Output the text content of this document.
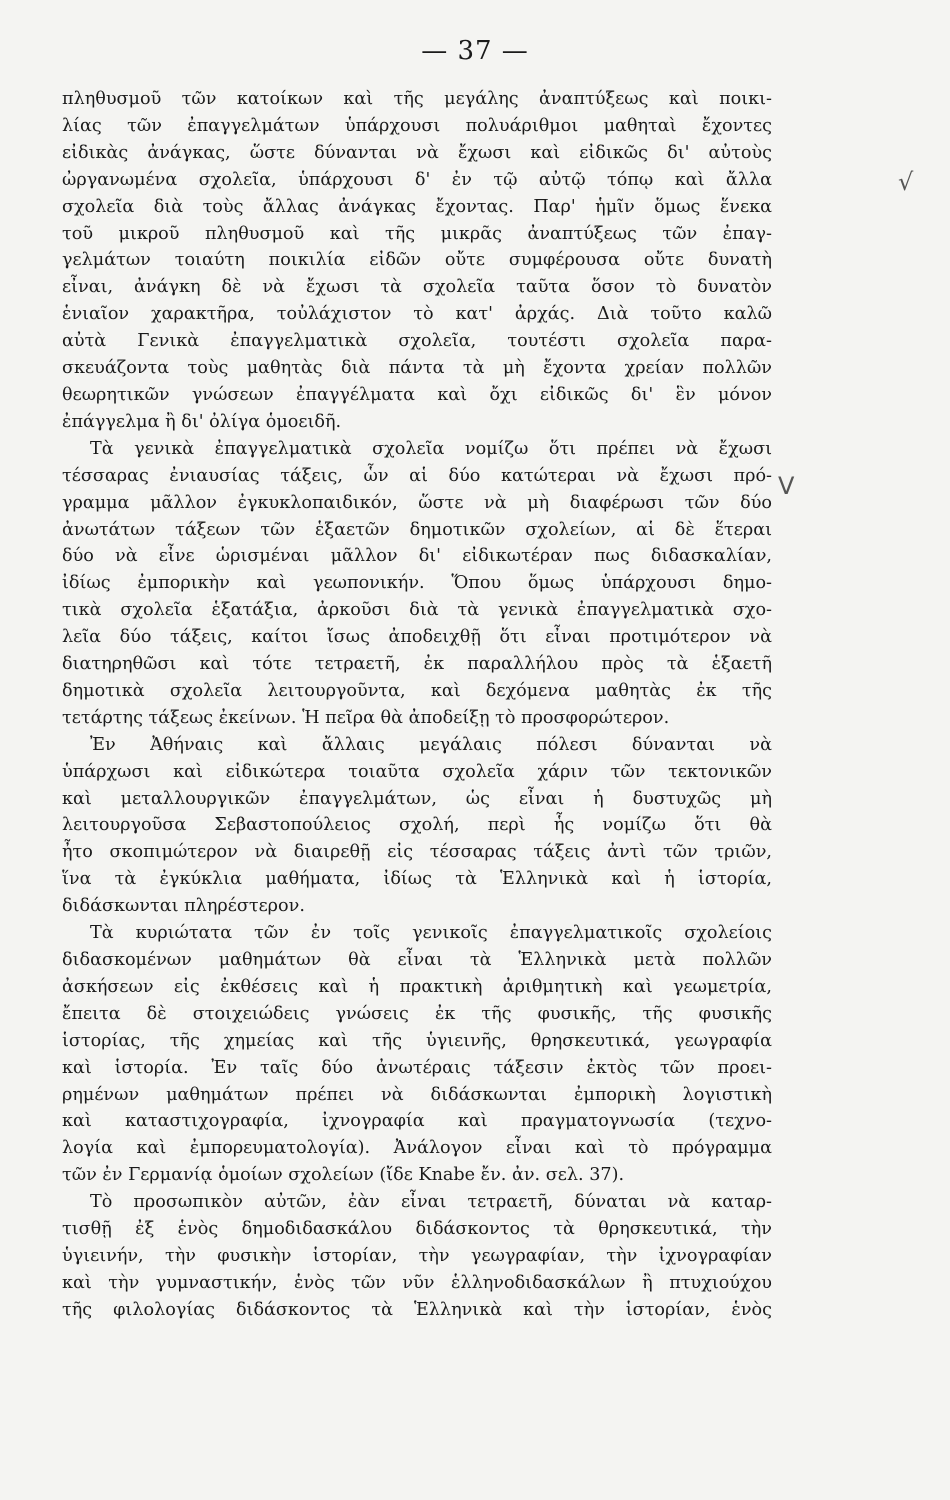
— 37 —

πληθυσμοῦ τῶν κατοίκων καὶ τῆς μεγάλης ἀναπτύξεως καὶ ποικι-
λίας τῶν ἐπαγγελμάτων ὑπάρχουσι πολυάριθμοι μαθηταὶ ἔχοντες
εἰδικὰς ἀνάγκας, ὥστε δύνανται νὰ ἔχωσι καὶ εἰδικῶς δι' αὐτοὺς
ὠργανωμένα σχολεῖα, ὑπάρχουσι δ' ἐν τῷ αὐτῷ τόπῳ καὶ ἄλλα
σχολεῖα διὰ τοὺς ἄλλας ἀνάγκας ἔχοντας. Παρ' ἡμῖν ὅμως ἕνεκα
τοῦ μικροῦ πληθυσμοῦ καὶ τῆς μικρᾶς ἀναπτύξεως τῶν ἐπαγ-
γελμάτων τοιαύτη ποικιλία εἰδῶν οὔτε συμφέρουσα οὔτε δυνατὴ
εἶναι, ἀνάγκη δὲ νὰ ἔχωσι τὰ σχολεῖα ταῦτα ὅσον τὸ δυνατὸν
ἑνιαῖον χαρακτῆρα, τοὐλάχιστον τὸ κατ' ἀρχάς. Διὰ τοῦτο καλῶ
αὐτὰ Γενικὰ ἐπαγγελματικὰ σχολεῖα, τουτέστι σχολεῖα παρα-
σκευάζοντα τοὺς μαθητὰς διὰ πάντα τὰ μὴ ἔχοντα χρείαν πολλῶν
θεωρητικῶν γνώσεων ἐπαγγέλματα καὶ ὄχι εἰδικῶς δι' ἓν μόνον
ἐπάγγελμα ἢ δι' ὀλίγα ὁμοειδῆ.

Τὰ γενικὰ ἐπαγγελματικὰ σχολεῖα νομίζω ὅτι πρέπει νὰ ἔχωσι
τέσσαρας ἐνιαυσίας τάξεις, ὧν αἱ δύο κατώτεραι νὰ ἔχωσι πρό-
γραμμα μᾶλλον ἐγκυκλοπαιδικόν, ὥστε νὰ μὴ διαφέρωσι τῶν δύο
ἀνωτάτων τάξεων τῶν ἑξαετῶν δημοτικῶν σχολείων, αἱ δὲ ἕτεραι
δύο νὰ εἶνε ὡρισμέναι μᾶλλον δι' εἰδικωτέραν πως διδασκαλίαν,
ἰδίως ἐμπορικὴν καὶ γεωπονικήν. Ὅπου ὅμως ὑπάρχουσι δημο-
τικὰ σχολεῖα ἑξατάξια, ἀρκοῦσι διὰ τὰ γενικὰ ἐπαγγελματικὰ σχο-
λεῖα δύο τάξεις, καίτοι ἴσως ἀποδειχθῇ ὅτι εἶναι προτιμότερον νὰ
διατηρηθῶσι καὶ τότε τετραετῆ, ἐκ παραλλήλου πρὸς τὰ ἑξαετῆ
δημοτικὰ σχολεῖα λειτουργοῦντα, καὶ δεχόμενα μαθητὰς ἐκ τῆς
τετάρτης τάξεως ἐκείνων. Ἡ πεῖρα θὰ ἀποδείξῃ τὸ προσφορώτερον.

Ἐν Ἀθήναις καὶ ἄλλαις μεγάλαις πόλεσι δύνανται νὰ
ὑπάρχωσι καὶ εἰδικώτερα τοιαῦτα σχολεῖα χάριν τῶν τεκτονικῶν
καὶ μεταλλουργικῶν ἐπαγγελμάτων, ὡς εἶναι ἡ δυστυχῶς μὴ
λειτουργοῦσα Σεβαστοπούλειος σχολή, περὶ ἧς νομίζω ὅτι θὰ
ἦτο σκοπιμώτερον νὰ διαιρεθῇ εἰς τέσσαρας τάξεις ἀντὶ τῶν τριῶν,
ἵνα τὰ ἐγκύκλια μαθήματα, ἰδίως τὰ Ἑλληνικὰ καὶ ἡ ἱστορία,
διδάσκωνται πληρέστερον.

Τὰ κυριώτατα τῶν ἐν τοῖς γενικοῖς ἐπαγγελματικοῖς σχολείοις
διδασκομένων μαθημάτων θὰ εἶναι τὰ Ἑλληνικὰ μετὰ πολλῶν
ἀσκήσεων εἰς ἐκθέσεις καὶ ἡ πρακτικὴ ἀριθμητικὴ καὶ γεωμετρία,
ἔπειτα δὲ στοιχειώδεις γνώσεις ἐκ τῆς φυσικῆς, τῆς φυσικῆς
ἱστορίας, τῆς χημείας καὶ τῆς ὑγιεινῆς, θρησκευτικά, γεωγραφία
καὶ ἱστορία. Ἐν ταῖς δύο ἀνωτέραις τάξεσιν ἐκτὸς τῶν προει-
ρημένων μαθημάτων πρέπει νὰ διδάσκωνται ἐμπορικὴ λογιστικὴ
καὶ καταστιχογραφία, ἰχνογραφία καὶ πραγματογνωσία (τεχνο-
λογία καὶ ἐμπορευματολογία). Ἀνάλογον εἶναι καὶ τὸ πρόγραμμα
τῶν ἐν Γερμανίᾳ ὁμοίων σχολείων (ἴδε Knabe ἔν. ἀν. σελ. 37).

Τὸ προσωπικὸν αὐτῶν, ἐὰν εἶναι τετραετῆ, δύναται νὰ καταρ-
τισθῇ ἐξ ἑνὸς δημοδιδασκάλου διδάσκοντος τὰ θρησκευτικά, τὴν
ὑγιεινήν, τὴν φυσικὴν ἱστορίαν, τὴν γεωγραφίαν, τὴν ἰχνογραφίαν
καὶ τὴν γυμναστικήν, ἑνὸς τῶν νῦν ἑλληνοδιδασκάλων ἢ πτυχιούχου
τῆς φιλολογίας διδάσκοντος τὰ Ἑλληνικὰ καὶ τὴν ἱστορίαν, ἑνὸς

√
V
